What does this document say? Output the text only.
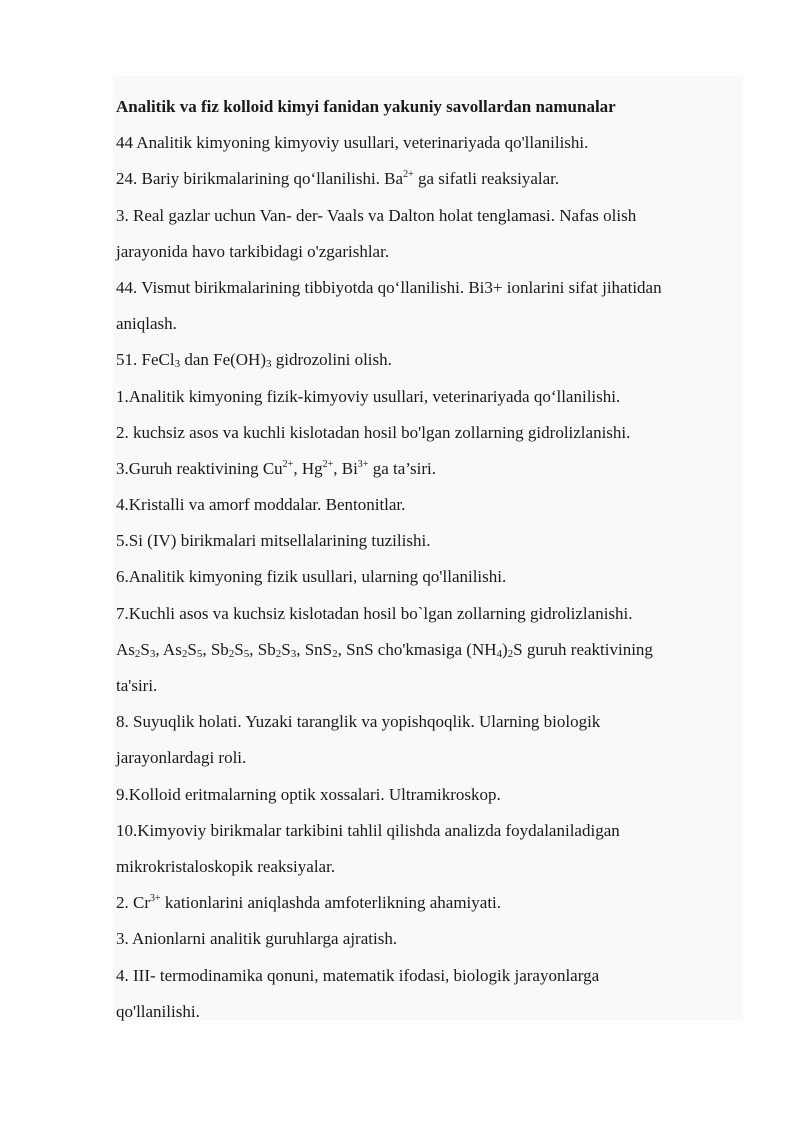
Analitik va fiz kolloid kimyi fanidan yakuniy savollardan namunalar
44 Analitik kimyoning kimyoviy usullari, veterinariyada qo'llanilishi.
24. Bariy birikmalarining qo‘llanilishi. $Ba^{2+}$ ga sifatli reaksiyalar.
3. Real gazlar uchun Van- der- Vaals va Dalton holat tenglamasi. Nafas olish
jarayonida havo tarkibidagi o'zgarishlar.
44. Vismut birikmalarining tibbiyotda qo‘llanilishi. Bi3+ ionlarini sifat jihatidan
aniqlash.
51. FeCl$_3$ dan $Fe(OH)_3$ gidrozolini olish.
1.Analitik kimyoning fizik-kimyoviy usullari, veterinariyada qo‘llanilishi.
2. kuchsiz asos va kuchli kislotadan hosil bo'lgan zollarning gidrolizlanishi.
3.Guruh reaktivining $Cu^{2+}$, $Hg^{2+}$, $Bi^{3+}$ ga ta’siri.
4.Kristalli va amorf moddalar. Bentonitlar.
5.Si (IV) birikmalari mitsellalarining tuzilishi.
6.Analitik kimyoning fizik usullari, ularning qo'llanilishi.
7.Kuchli asos va kuchsiz kislotadan hosil bo`lgan zollarning gidrolizlanishi.
$As_2S_3$, $As_2S_5$, $Sb_2S_5$, $Sb_2S_3$, SnS$_2$, SnS cho'kmasiga $(NH_4)_2S$ guruh reaktivining
ta'siri.
8. Suyuqlik holati. Yuzaki taranglik va yopishqoqlik. Ularning biologik
jarayonlardagi roli.
9.Kolloid eritmalarning optik xossalari. Ultramikroskop.
10.Kimyoviy birikmalar tarkibini tahlil qilishda analizda foydalaniladigan
mikrokristaloskopik reaksiyalar.
2. $Cr^{3+}$ kationlarini aniqlashda amfoterlikning ahamiyati.
3. Anionlarni analitik guruhlarga ajratish.
4. III- termodinamika qonuni, matematik ifodasi, biologik jarayonlarga
qo'llanilishi.
